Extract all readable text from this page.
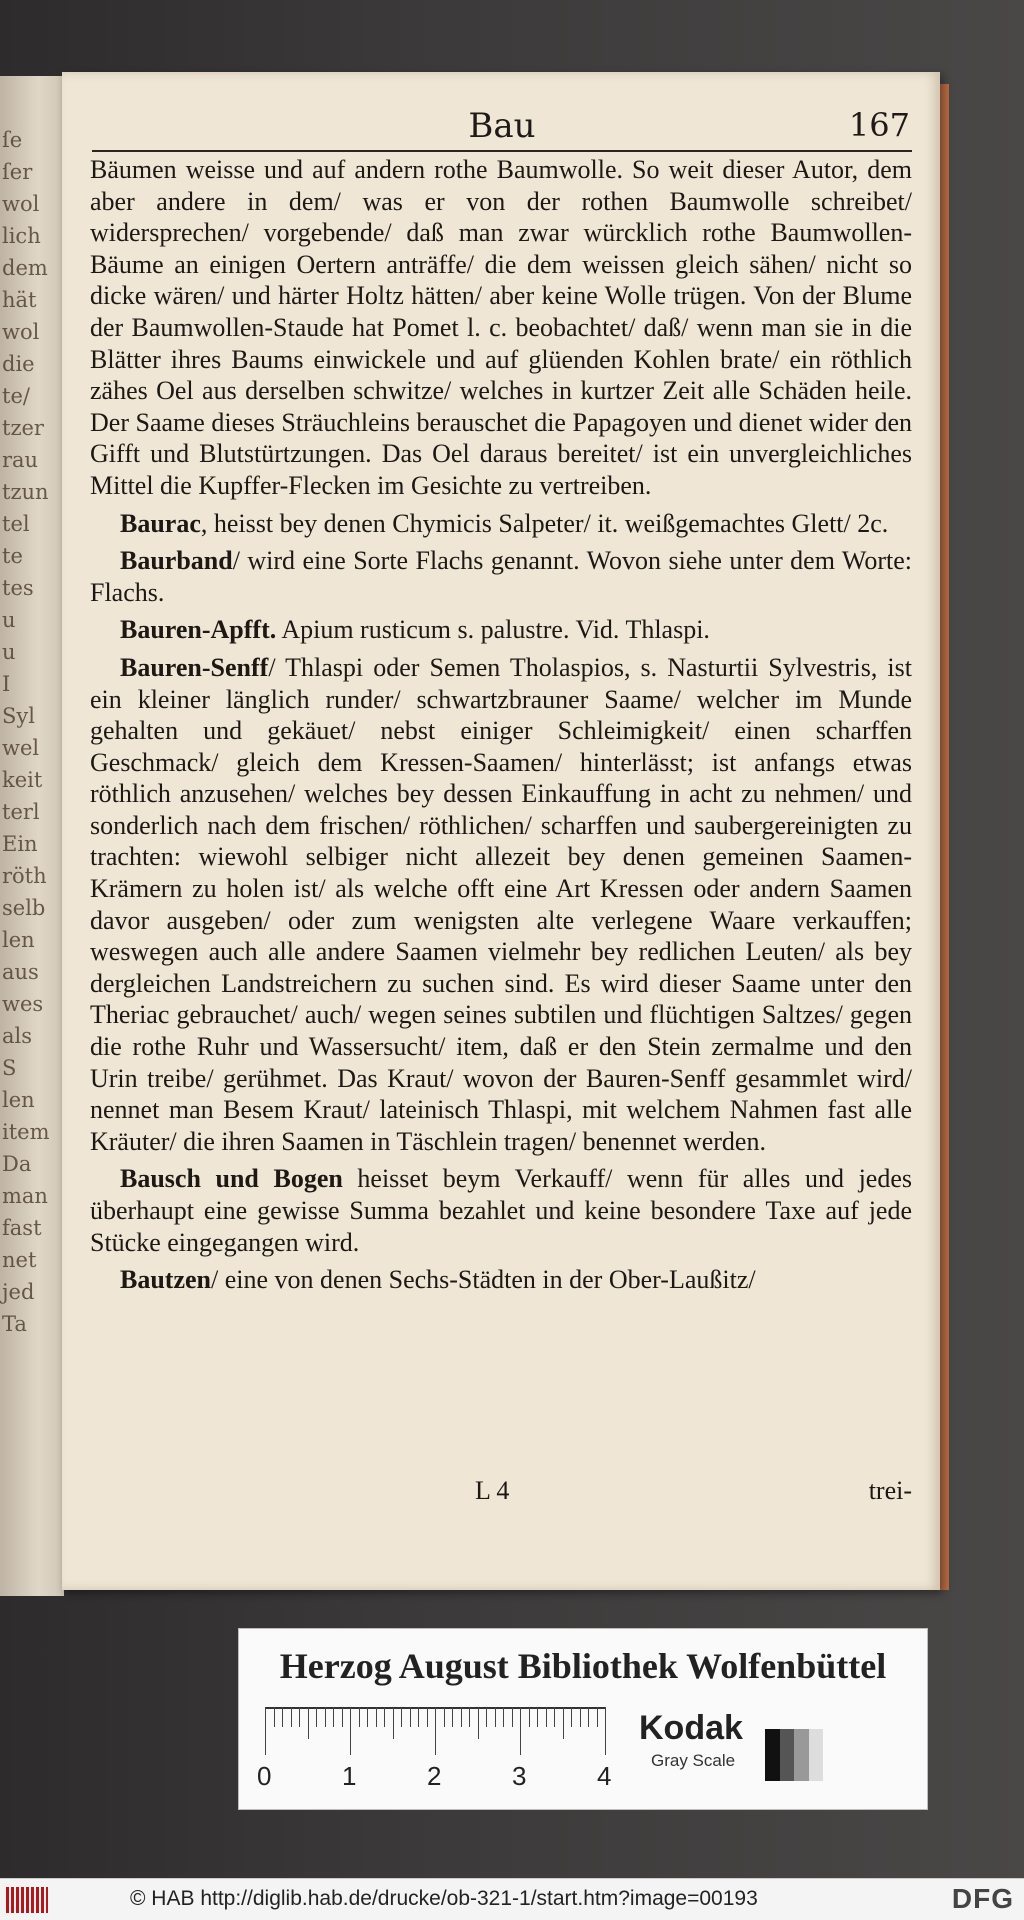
ſe
ſer
wol
lich
dem
hät
wol
die
te/
tzer
rau
tzun
tel
te
tes
u
u
I
Syl
wel
keit
terl
Ein
röth
selb
len
aus
wes
als
S
len
item
Da
man
fast
net
jed
Ta
Bau	167

Bäumen weisse und auf andern rothe Baumwolle. So weit dieser Autor, dem aber andere in dem/ was er von der rothen Baumwolle schreibet/ widersprechen/ vorgebende/ daß man zwar würcklich rothe Baumwollen-Bäume an einigen Oertern anträffe/ die dem weissen gleich sähen/ nicht so dicke wären/ und härter Holtz hätten/ aber keine Wolle trügen. Von der Blume der Baumwollen-Staude hat Pomet l. c. beobachtet/ daß/ wenn man sie in die Blätter ihres Baums einwickele und auf glüenden Kohlen brate/ ein röthlich zähes Oel aus derselben schwitze/ welches in kurtzer Zeit alle Schäden heile. Der Saame dieses Sträuchleins berauschet die Papagoyen und dienet wider den Gifft und Blutstürtzungen. Das Oel daraus bereitet/ ist ein unvergleichliches Mittel die Kupffer-Flecken im Gesichte zu vertreiben.

Baurac, heisst bey denen Chymicis Salpeter/ it. weißgemachtes Glett/ 2c.

Baurband/ wird eine Sorte Flachs genannt. Wovon siehe unter dem Worte: Flachs.

Bauren-Apfft. Apium rusticum s. palustre. Vid. Thlaspi.

Bauren-Senff/ Thlaspi oder Semen Tholaspios, s. Nasturtii Sylvestris, ist ein kleiner länglich runder/ schwartzbrauner Saame/ welcher im Munde gehalten und gekäuet/ nebst einiger Schleimigkeit/ einen scharffen Geschmack/ gleich dem Kressen-Saamen/ hinterlässt; ist anfangs etwas röthlich anzusehen/ welches bey dessen Einkauffung in acht zu nehmen/ und sonderlich nach dem frischen/ röthlichen/ scharffen und saubergereinigten zu trachten: wiewohl selbiger nicht allezeit bey denen gemeinen Saamen-Krämern zu holen ist/ als welche offt eine Art Kressen oder andern Saamen davor ausgeben/ oder zum wenigsten alte verlegene Waare verkauffen; weswegen auch alle andere Saamen vielmehr bey redlichen Leuten/ als bey dergleichen Landstreichern zu suchen sind. Es wird dieser Saame unter den Theriac gebrauchet/ auch/ wegen seines subtilen und flüchtigen Saltzes/ gegen die rothe Ruhr und Wassersucht/ item, daß er den Stein zermalme und den Urin treibe/ gerühmet. Das Kraut/ wovon der Bauren-Senff gesammlet wird/ nennet man Besem Kraut/ lateinisch Thlaspi, mit welchem Nahmen fast alle Kräuter/ die ihren Saamen in Täschlein tragen/ benennet werden.

Bausch und Bogen heisset beym Verkauff/ wenn für alles und jedes überhaupt eine gewisse Summa bezahlet und keine besondere Taxe auf jede Stücke eingegangen wird.

Bautzen/ eine von denen Sechs-Städten in der Ober-Laußitz/

L 4	trei-
Herzog August Bibliothek Wolfenbüttel
0	1	2	3	4
Kodak
Gray Scale
© HAB http://diglib.hab.de/drucke/ob-321-1/start.htm?image=00193	DFG
